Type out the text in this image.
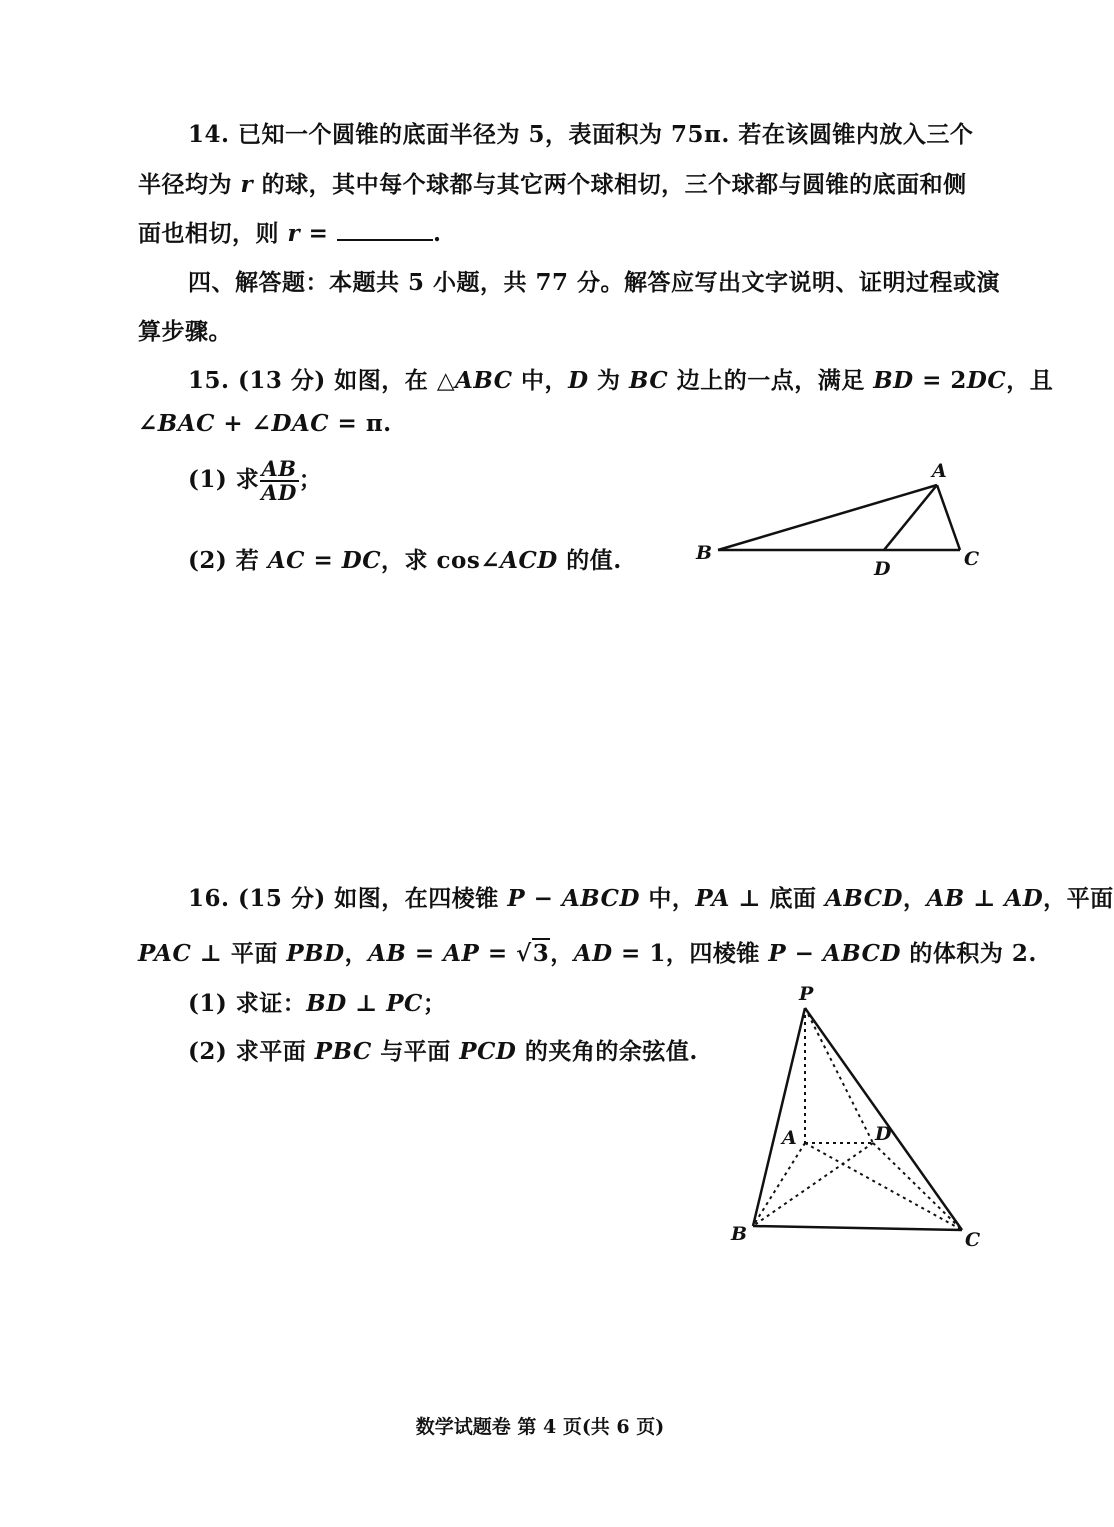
14. 已知一个圆锥的底面半径为 5，表面积为 75π. 若在该圆锥内放入三个
半径均为 r 的球，其中每个球都与其它两个球相切，三个球都与圆锥的底面和侧
面也相切，则 r =	.
四、解答题：本题共 5 小题，共 77 分。解答应写出文字说明、证明过程或演
算步骤。
15. (13 分) 如图，在 △ABC 中，D 为 BC 边上的一点，满足 BD = 2DC，且
∠BAC + ∠DAC = π.
(1) 求 $\frac{AB}{AD}$ ；
(2) 若 AC = DC，求 cos∠ACD 的值.
A
B	C
D
16. (15 分) 如图，在四棱锥 P − ABCD 中，PA ⊥ 底面 ABCD，AB ⊥ AD，平面
PAC ⊥ 平面 PBD，AB = AP = √3，AD = 1，四棱锥 P − ABCD 的体积为 2.
(1) 求证：BD ⊥ PC；
(2) 求平面 PBC 与平面 PCD 的夹角的余弦值.
P
A	D
B	C
数学试题卷 第 4 页(共 6 页)
